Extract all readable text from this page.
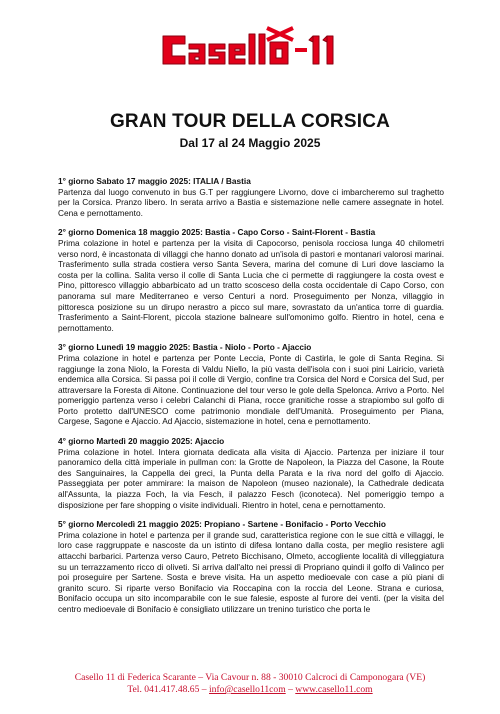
GRAN TOUR DELLA CORSICA
Dal 17 al 24 Maggio 2025
1° giorno Sabato 17 maggio 2025: ITALIA / Bastia
Partenza dal luogo convenuto in bus G.T per raggiungere Livorno, dove ci imbarcheremo sul traghetto per la Corsica. Pranzo libero. In serata arrivo a Bastia e sistemazione nelle camere assegnate in hotel. Cena e pernottamento.
2° giorno Domenica 18 maggio 2025: Bastia - Capo Corso - Saint-Florent - Bastia
Prima colazione in hotel e partenza per la visita di Capocorso, penisola rocciosa lunga 40 chilometri verso nord, è incastonata di villaggi che hanno donato ad un'isola di pastori e montanari valorosi marinai. Trasferimento sulla strada costiera verso Santa Severa, marina del comune di Luri dove lasciamo la costa per la collina. Salita verso il colle di Santa Lucia che ci permette di raggiungere la costa ovest e Pino, pittoresco villaggio abbarbicato ad un tratto scosceso della costa occidentale di Capo Corso, con panorama sul mare Mediterraneo e verso Centuri a nord. Proseguimento per Nonza, villaggio in pittoresca posizione su un dirupo nerastro a picco sul mare, sovrastato da un'antica torre di guardia. Trasferimento a Saint-Florent, piccola stazione balneare sull'omonimo golfo. Rientro in hotel, cena e pernottamento.
3° giorno Lunedì 19 maggio 2025: Bastia - Niolo - Porto - Ajaccio
Prima colazione in hotel e partenza per Ponte Leccia, Ponte di Castirla, le gole di Santa Regina. Si raggiunge la zona Niolo, la Foresta di Valdu Niello, la più vasta dell'isola con i suoi pini Lairicio, varietà endemica alla Corsica. Si passa poi il colle di Vergio, confine tra Corsica del Nord e Corsica del Sud, per attraversare la Foresta di Aitone. Continuazione del tour verso le gole della Spelonca. Arrivo a Porto. Nel pomeriggio partenza verso i celebri Calanchi di Piana, rocce granitiche rosse a strapiombo sul golfo di Porto protetto dall'UNESCO come patrimonio mondiale dell'Umanità. Proseguimento per Piana, Cargese, Sagone e Ajaccio. Ad Ajaccio, sistemazione in hotel, cena e pernottamento.
4° giorno Martedì 20 maggio 2025: Ajaccio
Prima colazione in hotel. Intera giornata dedicata alla visita di Ajaccio. Partenza per iniziare il tour panoramico della città imperiale in pullman con: la Grotte de Napoleon, la Piazza del Casone, la Route des Sanguinaires, la Cappella dei greci, la Punta della Parata e la riva nord del golfo di Ajaccio. Passeggiata per poter ammirare: la maison de Napoleon (museo nazionale), la Cathedrale dedicata all'Assunta, la piazza Foch, la via Fesch, il palazzo Fesch (iconoteca). Nel pomeriggio tempo a disposizione per fare shopping o visite individuali. Rientro in hotel, cena e pernottamento.
5° giorno Mercoledì 21 maggio 2025: Propiano - Sartene - Bonifacio - Porto Vecchio
Prima colazione in hotel e partenza per il grande sud, caratteristica regione con le sue città e villaggi, le loro case raggruppate e nascoste da un istinto di difesa lontano dalla costa, per meglio resistere agli attacchi barbarici. Partenza verso Cauro, Petreto Bicchisano, Olmeto, accogliente località di villeggiatura su un terrazzamento ricco di oliveti. Si arriva dall'alto nei pressi di Propriano quindi il golfo di Valinco per poi proseguire per Sartene. Sosta e breve visita. Ha un aspetto medioevale con case a più piani di granito scuro. Si riparte verso Bonifacio via Roccapina con la roccia del Leone. Strana e curiosa, Bonifacio occupa un sito incomparabile con le sue falesie, esposte al furore dei venti. (per la visita del centro medioevale di Bonifacio è consigliato utilizzare un trenino turistico che porta le
Casello 11 di Federica Scarante – Via Cavour n. 88 - 30010 Calcroci di Camponogara (VE)
Tel. 041.417.48.65 – info@casello11com – www.casello11.com
